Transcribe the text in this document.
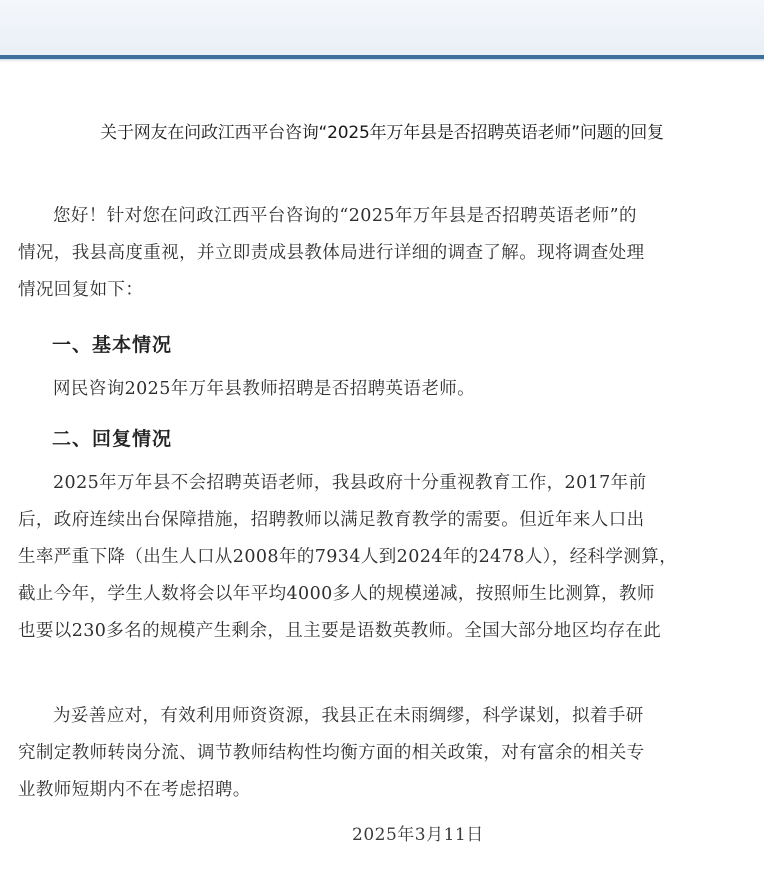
关于网友在问政江西平台咨询“2025年万年县是否招聘英语老师”问题的回复
您好！针对您在问政江西平台咨询的“2025年万年县是否招聘英语老师”的
情况，我县高度重视，并立即责成县教体局进行详细的调查了解。现将调查处理
情况回复如下：
一、基本情况
网民咨询2025年万年县教师招聘是否招聘英语老师。
二、回复情况
2025年万年县不会招聘英语老师，我县政府十分重视教育工作，2017年前
后，政府连续出台保障措施，招聘教师以满足教育教学的需要。但近年来人口出
生率严重下降（出生人口从2008年的7934人到2024年的2478人），经科学测算，
截止今年，学生人数将会以年平均4000多人的规模递减，按照师生比测算，教师
也要以230多名的规模产生剩余，且主要是语数英教师。全国大部分地区均存在此
为妥善应对，有效利用师资资源，我县正在未雨绸缪，科学谋划，拟着手研
究制定教师转岗分流、调节教师结构性均衡方面的相关政策，对有富余的相关专
业教师短期内不在考虑招聘。
2025年3月11日
